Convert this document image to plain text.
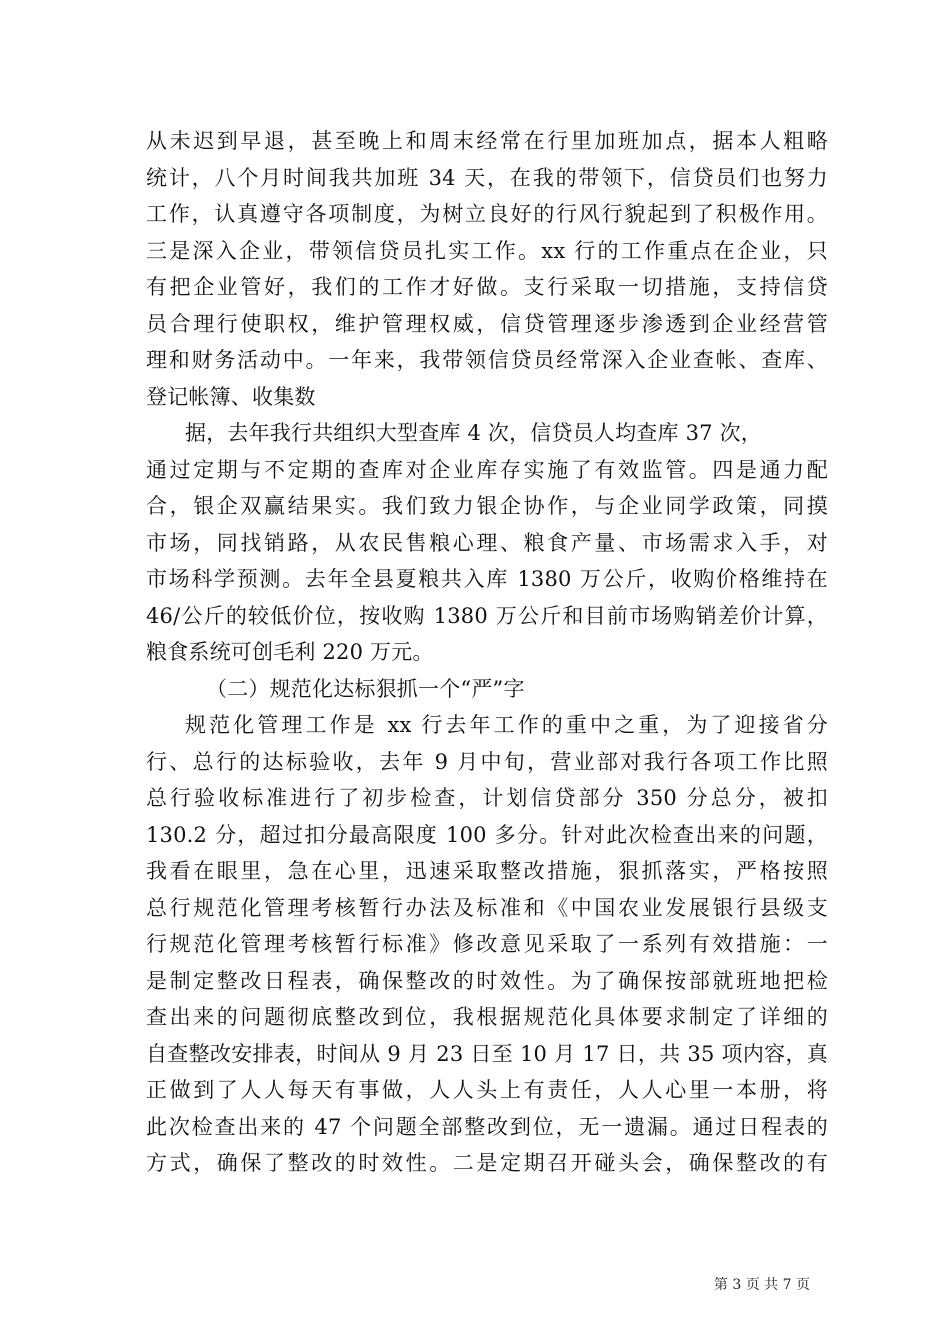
从未迟到早退，甚至晚上和周末经常在行里加班加点，据本人粗略
统计，八个月时间我共加班 34 天，在我的带领下，信贷员们也努力
工作，认真遵守各项制度，为树立良好的行风行貌起到了积极作用。
三是深入企业，带领信贷员扎实工作。xx 行的工作重点在企业，只
有把企业管好，我们的工作才好做。支行采取一切措施，支持信贷
员合理行使职权，维护管理权威，信贷管理逐步渗透到企业经营管
理和财务活动中。一年来，我带领信贷员经常深入企业查帐、查库、
登记帐簿、收集数
据，去年我行共组织大型查库 4 次，信贷员人均查库 37 次，
通过定期与不定期的查库对企业库存实施了有效监管。四是通力配
合，银企双赢结果实。我们致力银企协作，与企业同学政策，同摸
市场，同找销路，从农民售粮心理、粮食产量、市场需求入手，对
市场科学预测。去年全县夏粮共入库 1380 万公斤，收购价格维持在
46/公斤的较低价位，按收购 1380 万公斤和目前市场购销差价计算，
粮食系统可创毛利 220 万元。
（二）规范化达标狠抓一个“严”字
规范化管理工作是 xx 行去年工作的重中之重，为了迎接省分
行、总行的达标验收，去年 9 月中旬，营业部对我行各项工作比照
总行验收标准进行了初步检查，计划信贷部分 350 分总分，被扣
130.2 分，超过扣分最高限度 100 多分。针对此次检查出来的问题，
我看在眼里，急在心里，迅速采取整改措施，狠抓落实，严格按照
总行规范化管理考核暂行办法及标准和《中国农业发展银行县级支
行规范化管理考核暂行标准》修改意见采取了一系列有效措施：一
是制定整改日程表，确保整改的时效性。为了确保按部就班地把检
查出来的问题彻底整改到位，我根据规范化具体要求制定了详细的
自查整改安排表，时间从 9 月 23 日至 10 月 17 日，共 35 项内容，真
正做到了人人每天有事做，人人头上有责任，人人心里一本册，将
此次检查出来的 47 个问题全部整改到位，无一遗漏。通过日程表的
方式，确保了整改的时效性。二是定期召开碰头会，确保整改的有
第 3 页 共 7 页
